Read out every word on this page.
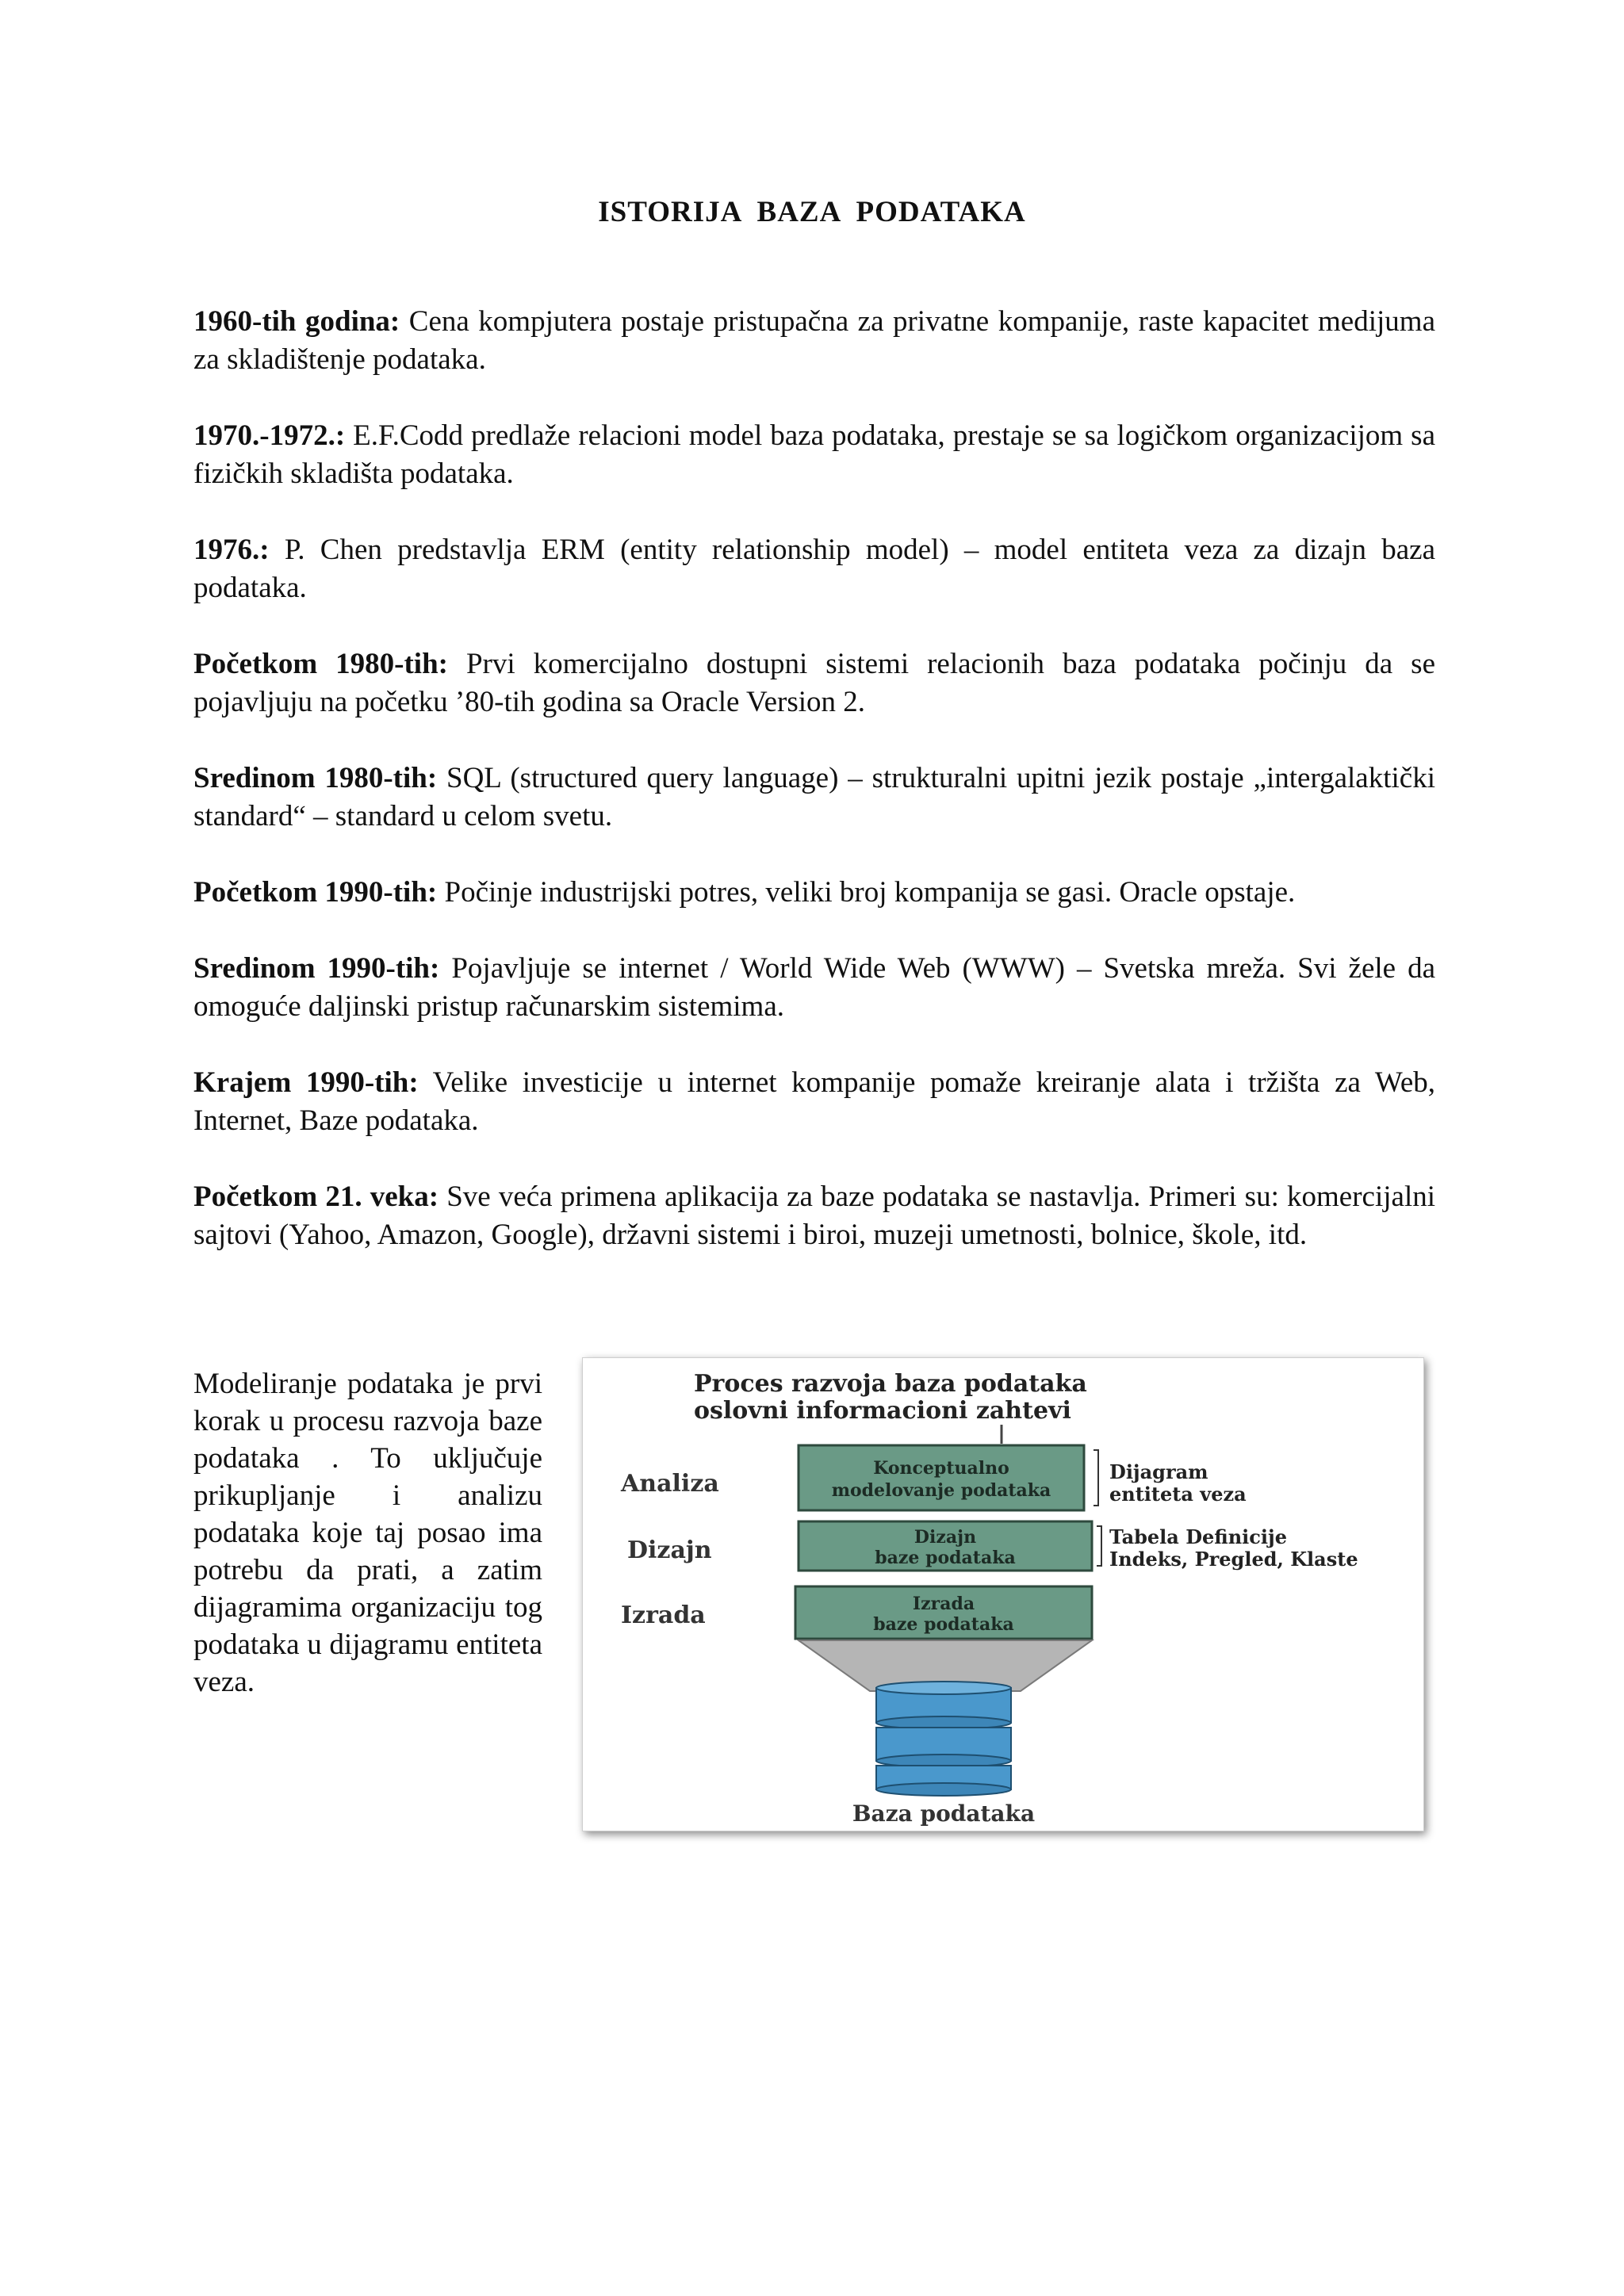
ISTORIJA BAZA PODATAKA

1960-tih godina: Cena kompjutera postaje pristupačna za privatne kompanije, raste kapacitet medijuma za skladištenje podataka.

1970.-1972.: E.F.Codd predlaže relacioni model baza podataka, prestaje se sa logičkom organizacijom sa fizičkih skladišta podataka.

1976.: P. Chen predstavlja ERM (entity relationship model) – model entiteta veza za dizajn baza podataka.

Početkom 1980-tih: Prvi komercijalno dostupni sistemi relacionih baza podataka počinju da se pojavljuju na početku ’80-tih godina sa Oracle Version 2.

Sredinom 1980-tih: SQL (structured query language) – strukturalni upitni jezik postaje „intergalaktički standard“ – standard u celom svetu.

Početkom 1990-tih: Počinje industrijski potres, veliki broj kompanija se gasi. Oracle opstaje.

Sredinom 1990-tih: Pojavljuje se internet / World Wide Web (WWW) – Svetska mreža. Svi žele da omoguće daljinski pristup računarskim sistemima.

Krajem 1990-tih: Velike investicije u internet kompanije pomaže kreiranje alata i tržišta za Web, Internet, Baze podataka.

Početkom 21. veka: Sve veća primena aplikacija za baze podataka se nastavlja. Primeri su: komercijalni sajtovi (Yahoo, Amazon, Google), državni sistemi i biroi, muzeji umetnosti, bolnice, škole, itd.

Modeliranje podataka je prvi korak u procesu razvoja baze podataka . To uključuje prikupljanje i analizu podataka koje taj posao ima potrebu da prati, a zatim dijagramima organizaciju tog podataka u dijagramu entiteta veza.
Proces razvoja baza podataka
oslovni informacioni zahtevi
Analiza
Dizajn
Izrada
Konceptualno
modelovanje podataka
Dizajn
baze podataka
Izrada
baze podataka
Dijagram
entiteta veza
Tabela Definicije
Indeks, Pregled, Klaste
Baza podataka
